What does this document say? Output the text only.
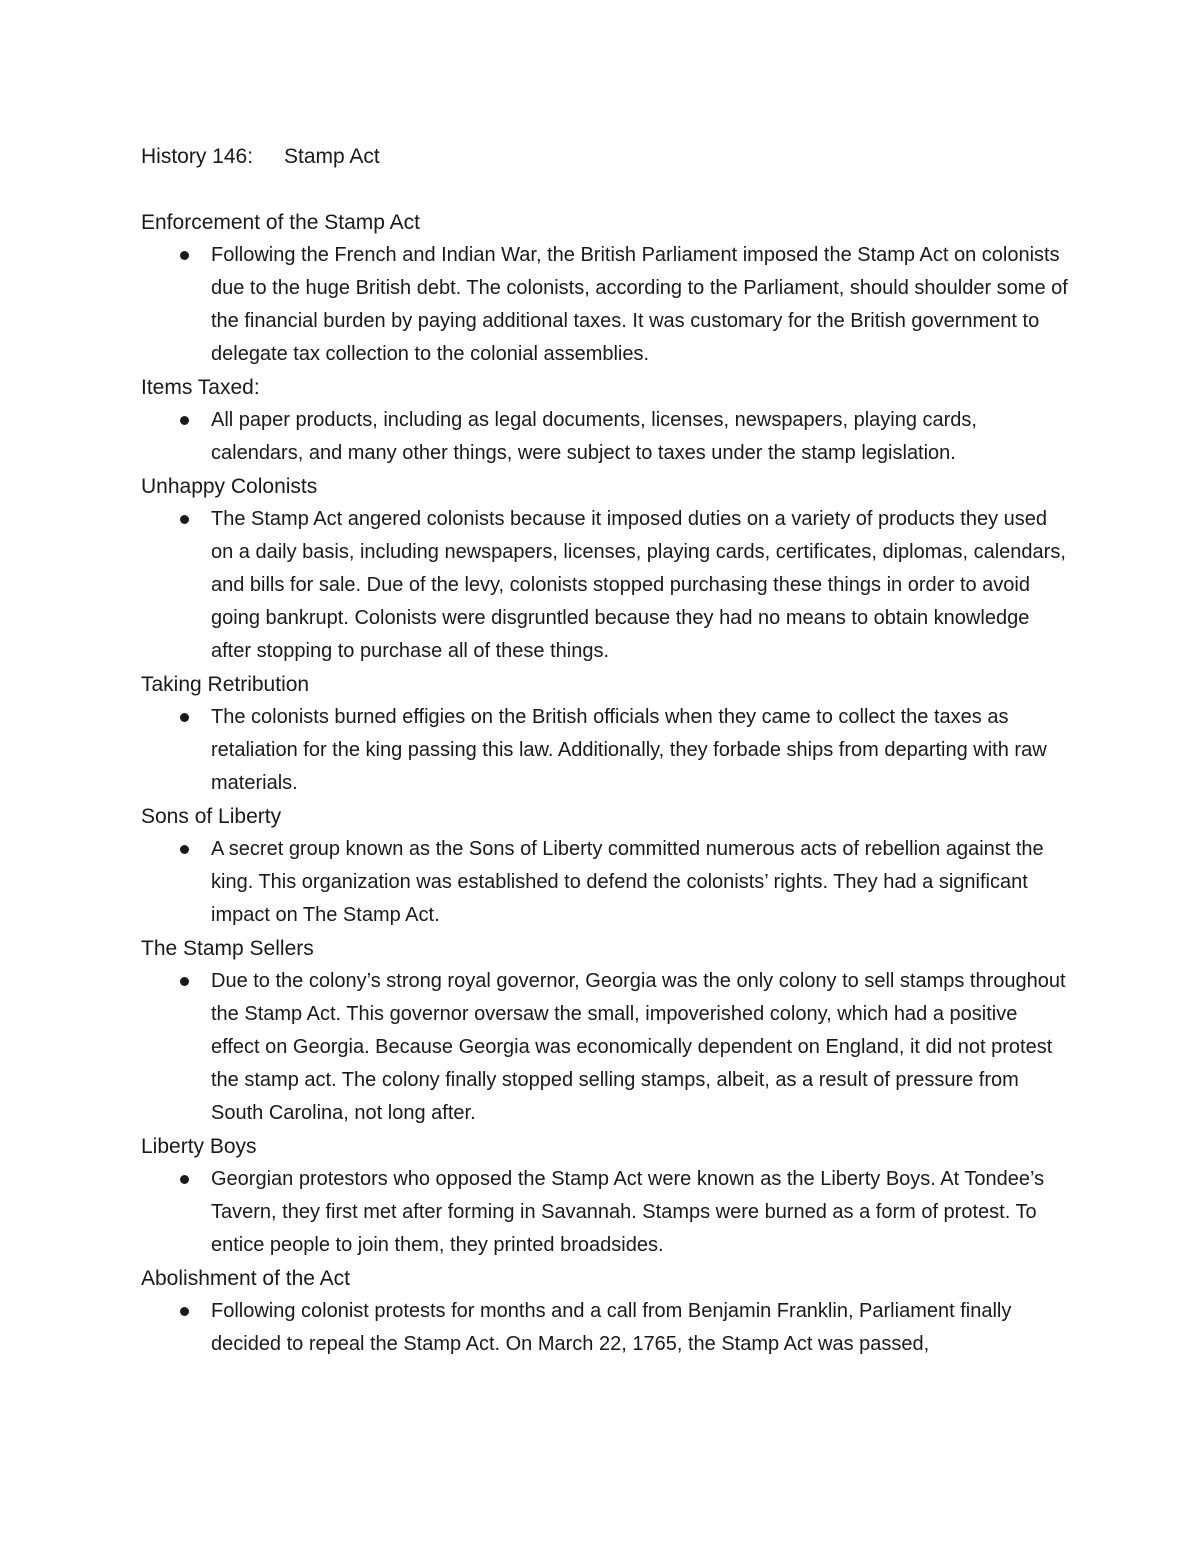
History 146: Stamp Act
Enforcement of the Stamp Act
Following the French and Indian War, the British Parliament imposed the Stamp Act on colonists due to the huge British debt. The colonists, according to the Parliament, should shoulder some of the financial burden by paying additional taxes. It was customary for the British government to delegate tax collection to the colonial assemblies.
Items Taxed:
All paper products, including as legal documents, licenses, newspapers, playing cards, calendars, and many other things, were subject to taxes under the stamp legislation.
Unhappy Colonists
The Stamp Act angered colonists because it imposed duties on a variety of products they used on a daily basis, including newspapers, licenses, playing cards, certificates, diplomas, calendars, and bills for sale. Due of the levy, colonists stopped purchasing these things in order to avoid going bankrupt. Colonists were disgruntled because they had no means to obtain knowledge after stopping to purchase all of these things.
Taking Retribution
The colonists burned effigies on the British officials when they came to collect the taxes as retaliation for the king passing this law. Additionally, they forbade ships from departing with raw materials.
Sons of Liberty
A secret group known as the Sons of Liberty committed numerous acts of rebellion against the king. This organization was established to defend the colonists’ rights. They had a significant impact on The Stamp Act.
The Stamp Sellers
Due to the colony’s strong royal governor, Georgia was the only colony to sell stamps throughout the Stamp Act. This governor oversaw the small, impoverished colony, which had a positive effect on Georgia. Because Georgia was economically dependent on England, it did not protest the stamp act. The colony finally stopped selling stamps, albeit, as a result of pressure from South Carolina, not long after.
Liberty Boys
Georgian protestors who opposed the Stamp Act were known as the Liberty Boys. At Tondee’s Tavern, they first met after forming in Savannah. Stamps were burned as a form of protest. To entice people to join them, they printed broadsides.
Abolishment of the Act
Following colonist protests for months and a call from Benjamin Franklin, Parliament finally decided to repeal the Stamp Act. On March 22, 1765, the Stamp Act was passed,
